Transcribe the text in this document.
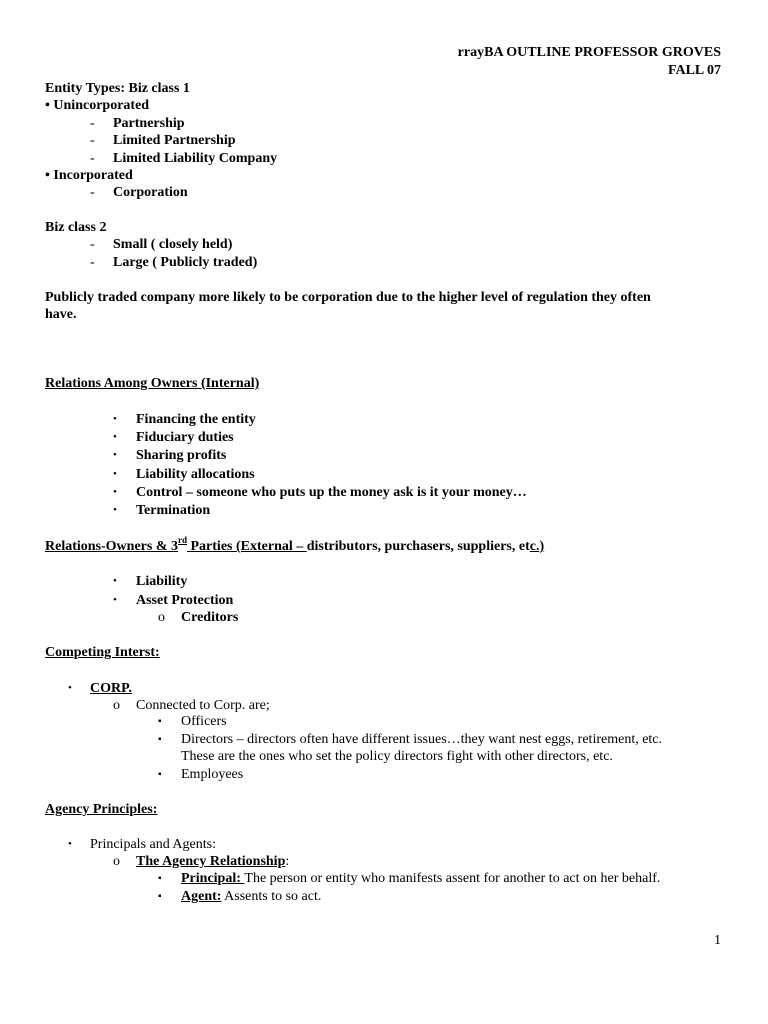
rrayBA OUTLINE PROFESSOR GROVES
FALL 07
Entity Types: Biz class 1
• Unincorporated
- Partnership
- Limited Partnership
- Limited Liability Company
• Incorporated
- Corporation
Biz class 2
- Small ( closely held)
- Large ( Publicly traded)
Publicly traded company more likely to be corporation due to the higher level of regulation they often
have.
Relations Among Owners (Internal)
• Financing the entity
• Fiduciary duties
• Sharing profits
• Liability allocations
• Control – someone who puts up the money ask is it your money…
• Termination
Relations-Owners & 3rd Parties (External – distributors, purchasers, suppliers, etc.)
• Liability
• Asset Protection
o Creditors
Competing Interst:
• CORP.
o Connected to Corp. are;
▪ Officers
▪ Directors – directors often have different issues…they want nest eggs, retirement, etc.
These are the ones who set the policy directors fight with other directors, etc.
▪ Employees
Agency Principles:
• Principals and Agents:
o The Agency Relationship:
▪ Principal: The person or entity who manifests assent for another to act on her behalf.
▪ Agent: Assents to so act.
1
